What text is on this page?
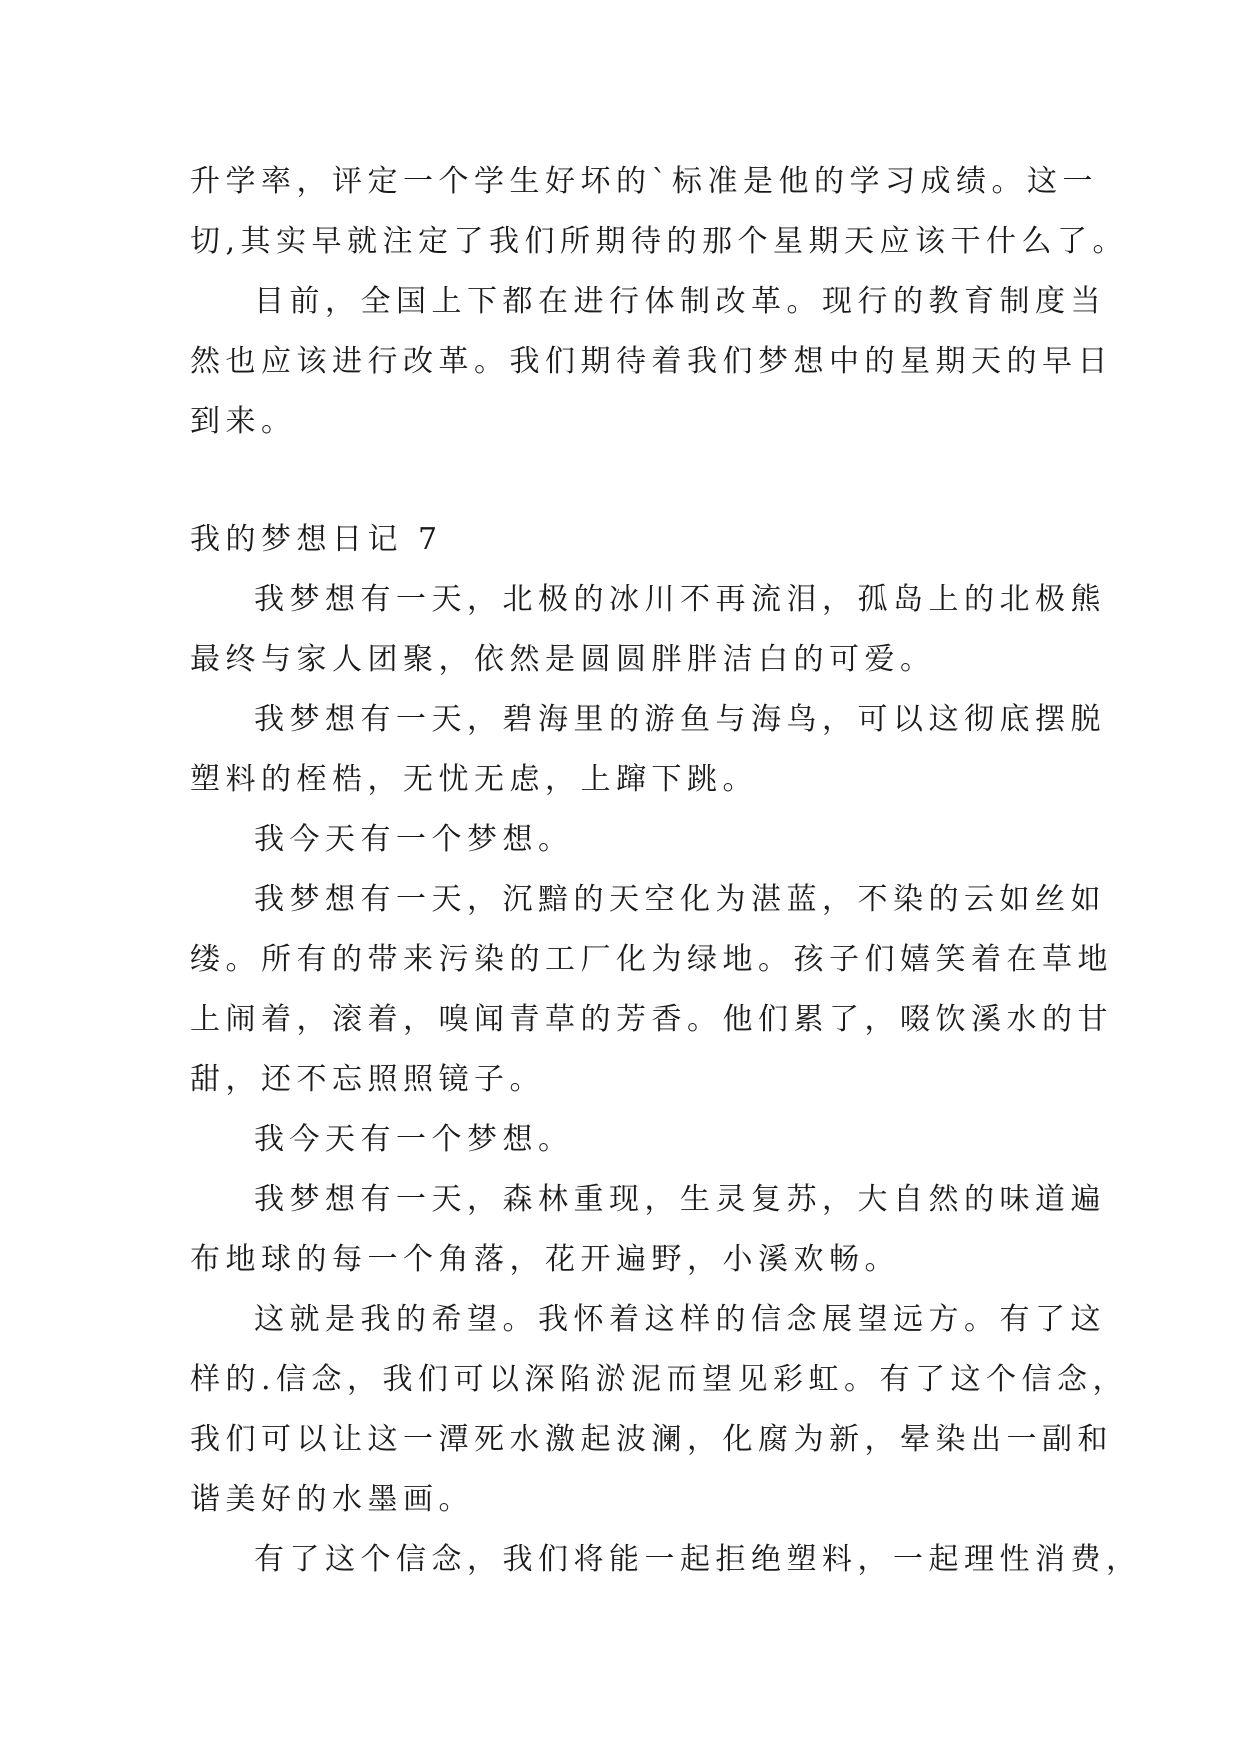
升学率，评定一个学生好坏的`标准是他的学习成绩。这一
切,其实早就注定了我们所期待的那个星期天应该干什么了。
目前，全国上下都在进行体制改革。现行的教育制度当
然也应该进行改革。我们期待着我们梦想中的星期天的早日
到来。
我的梦想日记 7
我梦想有一天，北极的冰川不再流泪，孤岛上的北极熊
最终与家人团聚，依然是圆圆胖胖洁白的可爱。
我梦想有一天，碧海里的游鱼与海鸟，可以这彻底摆脱
塑料的桎梏，无忧无虑，上蹿下跳。
我今天有一个梦想。
我梦想有一天，沉黯的天空化为湛蓝，不染的云如丝如
缕。所有的带来污染的工厂化为绿地。孩子们嬉笑着在草地
上闹着，滚着，嗅闻青草的芳香。他们累了，啜饮溪水的甘
甜，还不忘照照镜子。
我今天有一个梦想。
我梦想有一天，森林重现，生灵复苏，大自然的味道遍
布地球的每一个角落，花开遍野，小溪欢畅。
这就是我的希望。我怀着这样的信念展望远方。有了这
样的.信念，我们可以深陷淤泥而望见彩虹。有了这个信念，
我们可以让这一潭死水激起波澜，化腐为新，晕染出一副和
谐美好的水墨画。
有了这个信念，我们将能一起拒绝塑料，一起理性消费，
